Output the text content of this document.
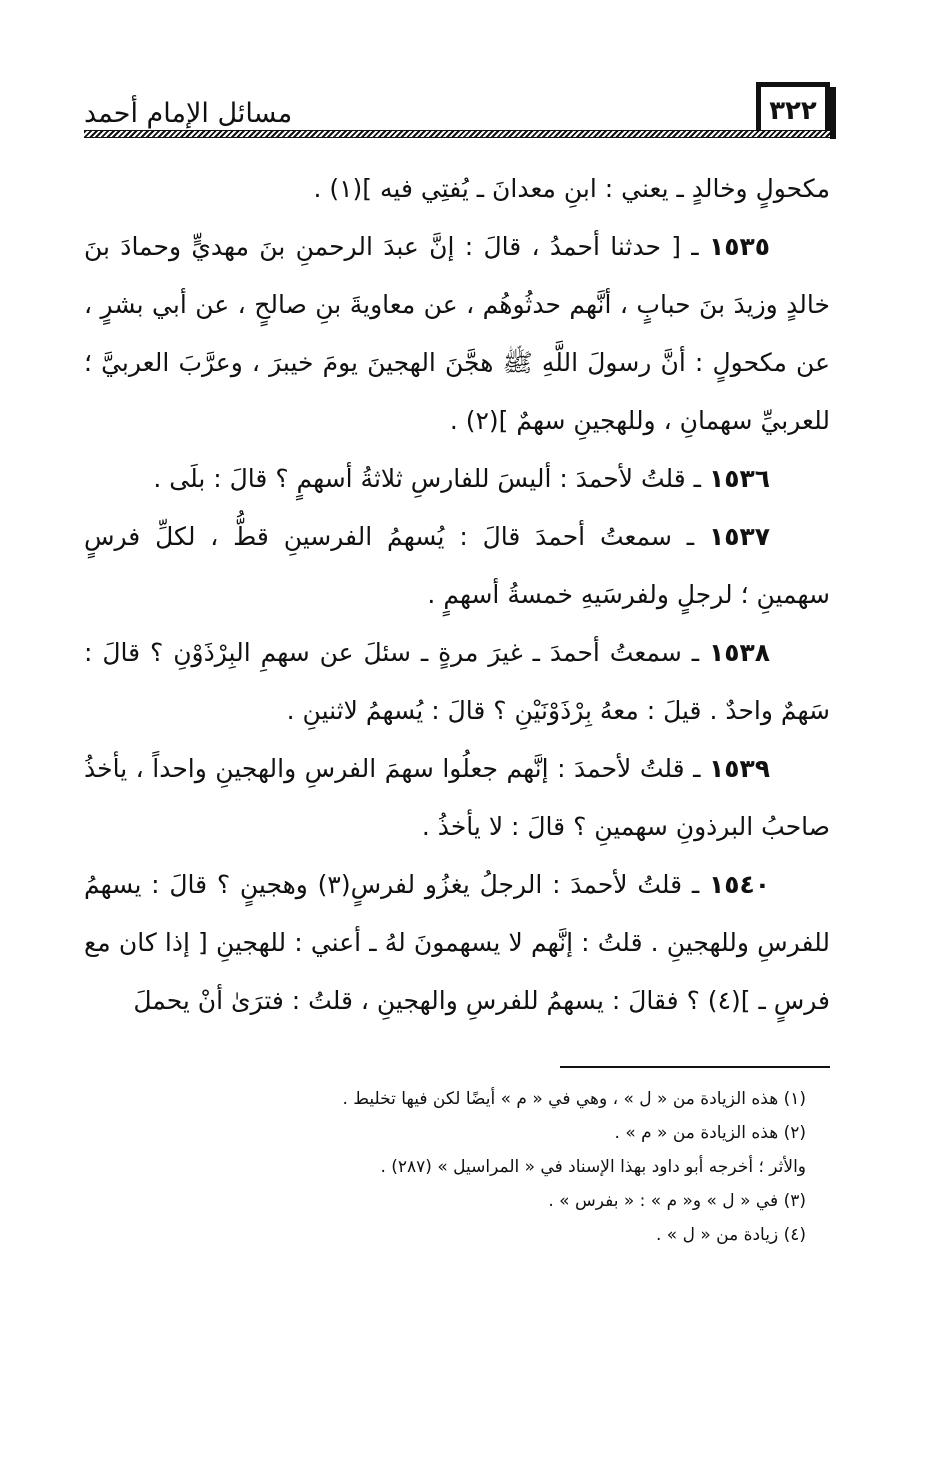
مسائل الإمام أحمد	٣٢٢

مكحولٍ وخالدٍ ـ يعني : ابنِ معدانَ ـ يُفتِي فيه ](١) .

١٥٣٥ ـ [ حدثنا أحمدُ ، قالَ : إنَّ عبدَ الرحمنِ بنَ مهديٍّ وحمادَ بنَ خالدٍ وزيدَ بنَ حبابٍ ، أنَّهم حدثُوهُم ، عن معاويةَ بنِ صالحٍ ، عن أبي بشرٍ ، عن مكحولٍ : أنَّ رسولَ اللَّهِ ﷺ هجَّنَ الهجينَ يومَ خيبرَ ، وعرَّبَ العربيَّ ؛ للعربيِّ سهمانِ ، وللهجينِ سهمٌ ](٢) .

١٥٣٦ ـ قلتُ لأحمدَ : أليسَ للفارسِ ثلاثةُ أسهمٍ ؟ قالَ : بلَى .

١٥٣٧ ـ سمعتُ أحمدَ قالَ : يُسهمُ الفرسينِ قطُّ ، لكلِّ فرسٍ سهمينِ ؛ لرجلٍ ولفرسَيهِ خمسةُ أسهمٍ .

١٥٣٨ ـ سمعتُ أحمدَ ـ غيرَ مرةٍ ـ سئلَ عن سهمِ البِرْذَوْنِ ؟ قالَ : سَهمٌ واحدٌ . قيلَ : معهُ بِرْذَوْنَيْنِ ؟ قالَ : يُسهمُ لاثنينِ .

١٥٣٩ ـ قلتُ لأحمدَ : إنَّهم جعلُوا سهمَ الفرسِ والهجينِ واحداً ، يأخذُ صاحبُ البرذونِ سهمينِ ؟ قالَ : لا يأخذُ .

١٥٤٠ ـ قلتُ لأحمدَ : الرجلُ يغزُو لفرسٍ(٣) وهجينٍ ؟ قالَ : يسهمُ للفرسِ وللهجينِ . قلتُ : إنَّهم لا يسهمونَ لهُ ـ أعني : للهجينِ [ إذا كان مع فرسٍ ـ ](٤) ؟ فقالَ : يسهمُ للفرسِ والهجينِ ، قلتُ : فترَىٰ أنْ يحملَ

(١) هذه الزيادة من « ل » ، وهي في « م » أيضًا لكن فيها تخليط .

(٢) هذه الزيادة من « م » .

والأثر ؛ أخرجه أبو داود بهذا الإسناد في « المراسيل » (٢٨٧) .

(٣) في « ل » و« م » : « بفرس » .

(٤) زيادة من « ل » .
